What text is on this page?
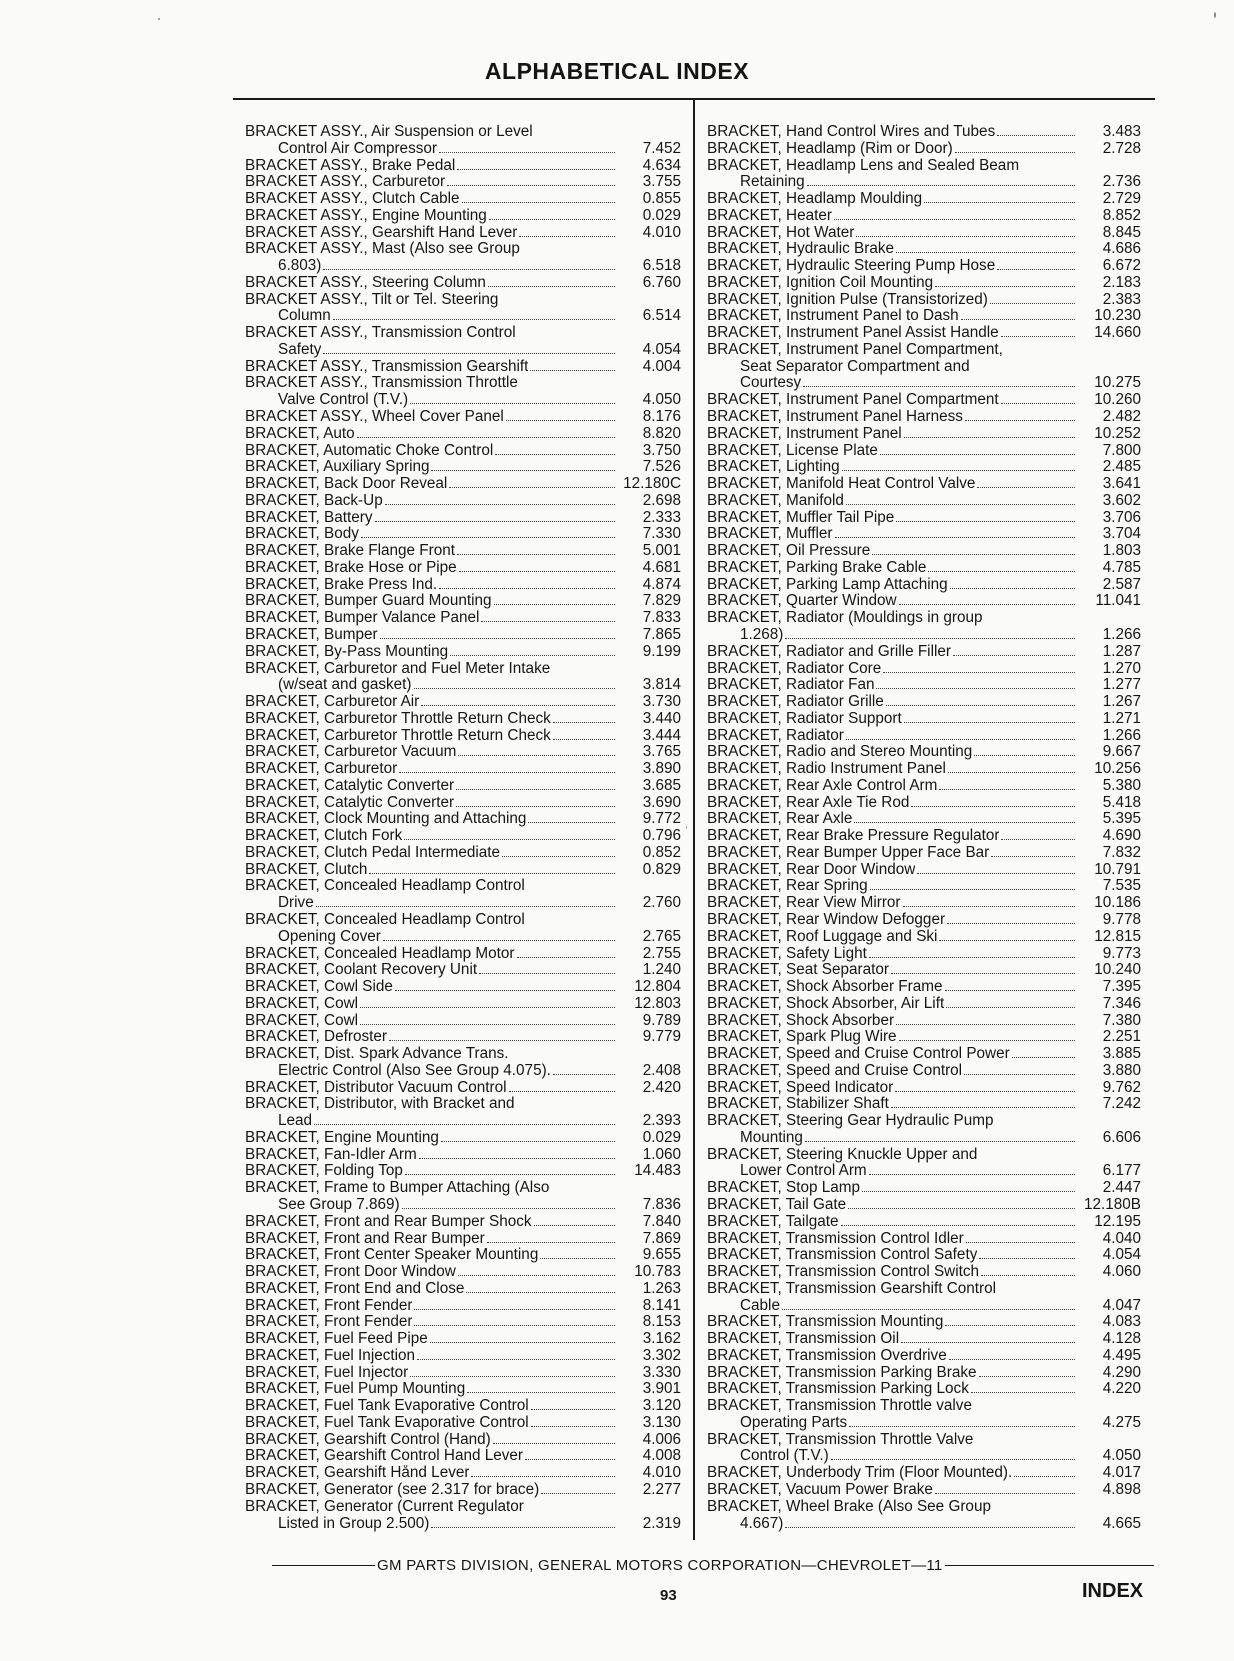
ALPHABETICAL INDEX
BRACKET ASSY., Air Suspension or Level
Control Air Compressor	7.452
BRACKET ASSY., Brake Pedal	4.634
BRACKET ASSY., Carburetor	3.755
BRACKET ASSY., Clutch Cable	0.855
BRACKET ASSY., Engine Mounting	0.029
BRACKET ASSY., Gearshift Hand Lever	4.010
BRACKET ASSY., Mast (Also see Group
6.803)	6.518
BRACKET ASSY., Steering Column	6.760
BRACKET ASSY., Tilt or Tel. Steering
Column	6.514
BRACKET ASSY., Transmission Control
Safety	4.054
BRACKET ASSY., Transmission Gearshift	4.004
BRACKET ASSY., Transmission Throttle
Valve Control (T.V.)	4.050
BRACKET ASSY., Wheel Cover Panel	8.176
BRACKET, Auto	8.820
BRACKET, Automatic Choke Control	3.750
BRACKET, Auxiliary Spring	7.526
BRACKET, Back Door Reveal	12.180C
BRACKET, Back-Up	2.698
BRACKET, Battery	2.333
BRACKET, Body	7.330
BRACKET, Brake Flange Front	5.001
BRACKET, Brake Hose or Pipe	4.681
BRACKET, Brake Press Ind.	4.874
BRACKET, Bumper Guard Mounting	7.829
BRACKET, Bumper Valance Panel	7.833
BRACKET, Bumper	7.865
BRACKET, By-Pass Mounting	9.199
BRACKET, Carburetor and Fuel Meter Intake
(w/seat and gasket)	3.814
BRACKET, Carburetor Air	3.730
BRACKET, Carburetor Throttle Return Check	3.440
BRACKET, Carburetor Throttle Return Check	3.444
BRACKET, Carburetor Vacuum	3.765
BRACKET, Carburetor	3.890
BRACKET, Catalytic Converter	3.685
BRACKET, Catalytic Converter	3.690
BRACKET, Clock Mounting and Attaching	9.772
BRACKET, Clutch Fork	0.796
BRACKET, Clutch Pedal Intermediate	0.852
BRACKET, Clutch	0.829
BRACKET, Concealed Headlamp Control
Drive	2.760
BRACKET, Concealed Headlamp Control
Opening Cover	2.765
BRACKET, Concealed Headlamp Motor	2.755
BRACKET, Coolant Recovery Unit	1.240
BRACKET, Cowl Side	12.804
BRACKET, Cowl	12.803
BRACKET, Cowl	9.789
BRACKET, Defroster	9.779
BRACKET, Dist. Spark Advance Trans.
Electric Control (Also See Group 4.075).	2.408
BRACKET, Distributor Vacuum Control	2.420
BRACKET, Distributor, with Bracket and
Lead	2.393
BRACKET, Engine Mounting	0.029
BRACKET, Fan-Idler Arm	1.060
BRACKET, Folding Top	14.483
BRACKET, Frame to Bumper Attaching (Also
See Group 7.869)	7.836
BRACKET, Front and Rear Bumper Shock	7.840
BRACKET, Front and Rear Bumper	7.869
BRACKET, Front Center Speaker Mounting	9.655
BRACKET, Front Door Window	10.783
BRACKET, Front End and Close	1.263
BRACKET, Front Fender	8.141
BRACKET, Front Fender	8.153
BRACKET, Fuel Feed Pipe	3.162
BRACKET, Fuel Injection	3.302
BRACKET, Fuel Injector	3.330
BRACKET, Fuel Pump Mounting	3.901
BRACKET, Fuel Tank Evaporative Control	3.120
BRACKET, Fuel Tank Evaporative Control	3.130
BRACKET, Gearshift Control (Hand)	4.006
BRACKET, Gearshift Control Hand Lever	4.008
BRACKET, Gearshift Hånd Lever	4.010
BRACKET, Generator (see 2.317 for brace)	2.277
BRACKET, Generator (Current Regulator
Listed in Group 2.500)	2.319
BRACKET, Hand Control Wires and Tubes	3.483
BRACKET, Headlamp (Rim or Door)	2.728
BRACKET, Headlamp Lens and Sealed Beam
Retaining	2.736
BRACKET, Headlamp Moulding	2.729
BRACKET, Heater	8.852
BRACKET, Hot Water	8.845
BRACKET, Hydraulic Brake	4.686
BRACKET, Hydraulic Steering Pump Hose	6.672
BRACKET, Ignition Coil Mounting	2.183
BRACKET, Ignition Pulse (Transistorized)	2.383
BRACKET, Instrument Panel to Dash	10.230
BRACKET, Instrument Panel Assist Handle	14.660
BRACKET, Instrument Panel Compartment,
Seat Separator Compartment and
Courtesy	10.275
BRACKET, Instrument Panel Compartment	10.260
BRACKET, Instrument Panel Harness	2.482
BRACKET, Instrument Panel	10.252
BRACKET, License Plate	7.800
BRACKET, Lighting	2.485
BRACKET, Manifold Heat Control Valve	3.641
BRACKET, Manifold	3.602
BRACKET, Muffler Tail Pipe	3.706
BRACKET, Muffler	3.704
BRACKET, Oil Pressure	1.803
BRACKET, Parking Brake Cable	4.785
BRACKET, Parking Lamp Attaching	2.587
BRACKET, Quarter Window	11.041
BRACKET, Radiator (Mouldings in group
1.268)	1.266
BRACKET, Radiator and Grille Filler	1.287
BRACKET, Radiator Core	1.270
BRACKET, Radiator Fan	1.277
BRACKET, Radiator Grille	1.267
BRACKET, Radiator Support	1.271
BRACKET, Radiator	1.266
BRACKET, Radio and Stereo Mounting	9.667
BRACKET, Radio Instrument Panel	10.256
BRACKET, Rear Axle Control Arm	5.380
BRACKET, Rear Axle Tie Rod	5.418
BRACKET, Rear Axle	5.395
BRACKET, Rear Brake Pressure Regulator	4.690
BRACKET, Rear Bumper Upper Face Bar	7.832
BRACKET, Rear Door Window	10.791
BRACKET, Rear Spring	7.535
BRACKET, Rear View Mirror	10.186
BRACKET, Rear Window Defogger	9.778
BRACKET, Roof Luggage and Ski	12.815
BRACKET, Safety Light	9.773
BRACKET, Seat Separator	10.240
BRACKET, Shock Absorber Frame	7.395
BRACKET, Shock Absorber, Air Lift	7.346
BRACKET, Shock Absorber	7.380
BRACKET, Spark Plug Wire	2.251
BRACKET, Speed and Cruise Control Power	3.885
BRACKET, Speed and Cruise Control	3.880
BRACKET, Speed Indicator	9.762
BRACKET, Stabilizer Shaft	7.242
BRACKET, Steering Gear Hydraulic Pump
Mounting	6.606
BRACKET, Steering Knuckle Upper and
Lower Control Arm	6.177
BRACKET, Stop Lamp	2.447
BRACKET, Tail Gate	12.180B
BRACKET, Tailgate	12.195
BRACKET, Transmission Control Idler	4.040
BRACKET, Transmission Control Safety	4.054
BRACKET, Transmission Control Switch	4.060
BRACKET, Transmission Gearshift Control
Cable	4.047
BRACKET, Transmission Mounting	4.083
BRACKET, Transmission Oil	4.128
BRACKET, Transmission Overdrive	4.495
BRACKET, Transmission Parking Brake	4.290
BRACKET, Transmission Parking Lock	4.220
BRACKET, Transmission Throttle valve
Operating Parts	4.275
BRACKET, Transmission Throttle Valve
Control (T.V.)	4.050
BRACKET, Underbody Trim (Floor Mounted).	4.017
BRACKET, Vacuum Power Brake	4.898
BRACKET, Wheel Brake (Also See Group
4.667)	4.665
GM PARTS DIVISION, GENERAL MOTORS CORPORATION—CHEVROLET—11
93	INDEX
